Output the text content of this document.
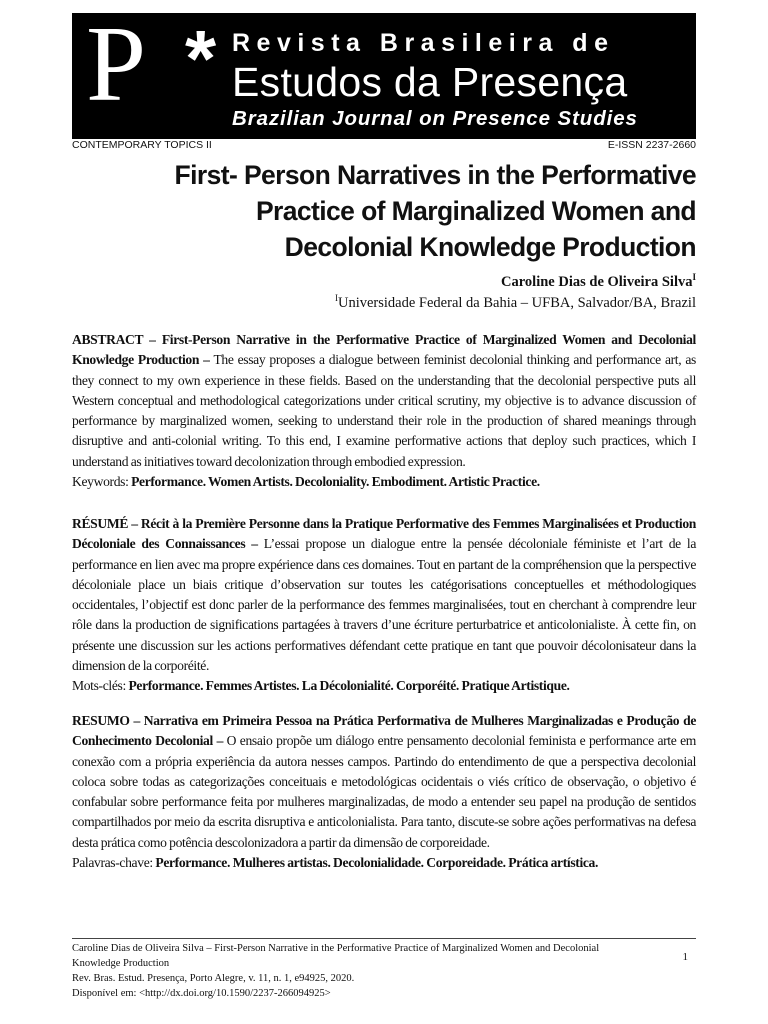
P * Revista Brasileira de
Estudos da Presença
Brazilian Journal on Presence Studies
CONTEMPORARY TOPICS II	E-ISSN 2237-2660
First- Person Narratives in the Performative
Practice of Marginalized Women and
Decolonial Knowledge Production
Caroline Dias de Oliveira Silva$^I$
$^I$Universidade Federal da Bahia – UFBA, Salvador/BA, Brazil
ABSTRACT – First-Person Narrative in the Performative Practice of Marginalized Women and Decolonial Knowledge Production – The essay proposes a dialogue between feminist decolonial thinking and performance art, as they connect to my own experience in these fields. Based on the understanding that the decolonial perspective puts all Western conceptual and methodological categorizations under critical scrutiny, my objective is to advance discussion of performance by marginalized women, seeking to understand their role in the production of shared meanings through disruptive and anti-colonial writing. To this end, I examine performative actions that deploy such practices, which I understand as initiatives toward decolonization through embodied expression.
Keywords: Performance. Women Artists. Decoloniality. Embodiment. Artistic Practice.
RÉSUMÉ – Récit à la Première Personne dans la Pratique Performative des Femmes Marginalisées et Production Décoloniale des Connaissances – L’essai propose un dialogue entre la pensée décoloniale féministe et l’art de la performance en lien avec ma propre expérience dans ces domaines. Tout en partant de la compréhension que la perspective décoloniale place un biais critique d’observation sur toutes les catégorisations conceptuelles et méthodologiques occidentales, l’objectif est donc parler de la performance des femmes marginalisées, tout en cherchant à comprendre leur rôle dans la production de significations partagées à travers d’une écriture perturbatrice et anticolonialiste. À cette fin, on présente une discussion sur les actions performatives défendant cette pratique en tant que pouvoir décolonisateur dans la dimension de la corporéité.
Mots-clés: Performance. Femmes Artistes. La Décolonialité. Corporéité. Pratique Artistique.
RESUMO – Narrativa em Primeira Pessoa na Prática Performativa de Mulheres Marginalizadas e Produção de Conhecimento Decolonial – O ensaio propõe um diálogo entre pensamento decolonial feminista e performance arte em conexão com a própria experiência da autora nesses campos. Partindo do entendimento de que a perspectiva decolonial coloca sobre todas as categorizações conceituais e metodológicas ocidentais o viés crítico de observação, o objetivo é confabular sobre performance feita por mulheres marginalizadas, de modo a entender seu papel na produção de sentidos compartilhados por meio da escrita disruptiva e anticolonialista. Para tanto, discute-se sobre ações performativas na defesa desta prática como potência descolonizadora a partir da dimensão de corporeidade.
Palavras-chave: Performance. Mulheres artistas. Decolonialidade. Corporeidade. Prática artística.
Caroline Dias de Oliveira Silva – First-Person Narrative in the Performative Practice of Marginalized Women and Decolonial Knowledge Production
Rev. Bras. Estud. Presença, Porto Alegre, v. 11, n. 1, e94925, 2020.
Disponível em: <http://dx.doi.org/10.1590/2237-266094925>
1
